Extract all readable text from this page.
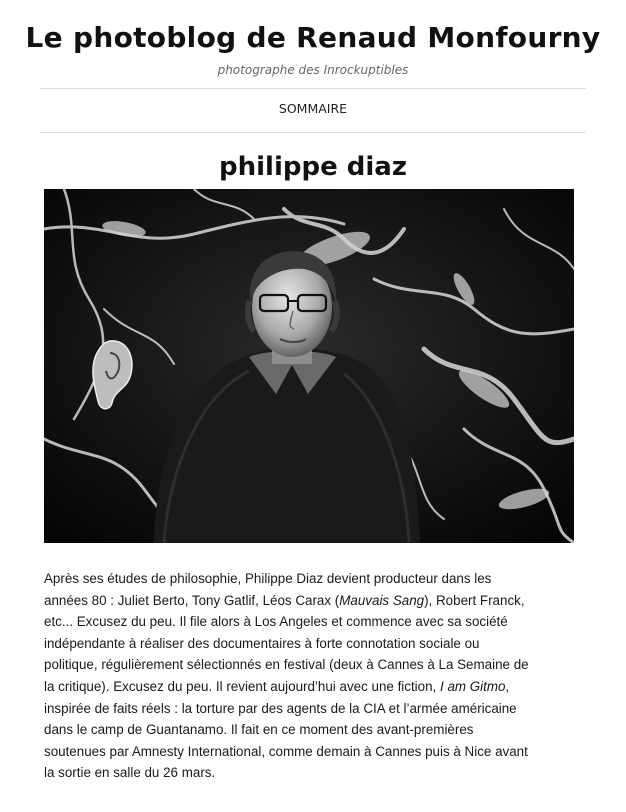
Le photoblog de Renaud Monfourny
photographe des Inrockuptibles
SOMMAIRE
philippe diaz
Après ses études de philosophie, Philippe Diaz devient producteur dans les
années 80 : Juliet Berto, Tony Gatlif, Léos Carax (Mauvais Sang), Robert Franck,
etc... Excusez du peu. Il file alors à Los Angeles et commence avec sa société
indépendante à réaliser des documentaires à forte connotation sociale ou
politique, régulièrement sélectionnés en festival (deux à Cannes à La Semaine de
la critique). Excusez du peu. Il revient aujourd’hui avec une fiction, I am Gitmo,
inspirée de faits réels : la torture par des agents de la CIA et l’armée américaine
dans le camp de Guantanamo. Il fait en ce moment des avant-premières
soutenues par Amnesty International, comme demain à Cannes puis à Nice avant
la sortie en salle du 26 mars.
